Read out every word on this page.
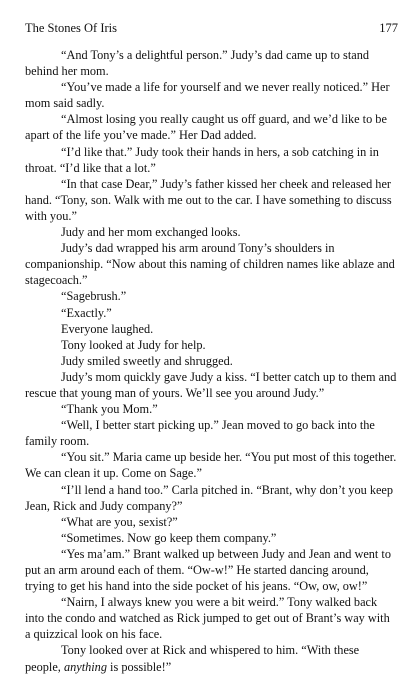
The Stones Of Iris	177

“And Tony’s a delightful person.” Judy’s dad came up to stand behind her mom.

“You’ve made a life for yourself and we never really noticed.” Her mom said sadly.

“Almost losing you really caught us off guard, and we’d like to be apart of the life you’ve made.” Her Dad added.

“I’d like that.” Judy took their hands in hers, a sob catching in in throat. “I’d like that a lot.”

“In that case Dear,” Judy’s father kissed her cheek and released her hand. “Tony, son. Walk with me out to the car. I have something to discuss with you.”

Judy and her mom exchanged looks.

Judy’s dad wrapped his arm around Tony’s shoulders in companionship. “Now about this naming of children names like ablaze and stagecoach.”

“Sagebrush.”

“Exactly.”

Everyone laughed.

Tony looked at Judy for help.

Judy smiled sweetly and shrugged.

Judy’s mom quickly gave Judy a kiss. “I better catch up to them and rescue that young man of yours. We’ll see you around Judy.”

“Thank you Mom.”

“Well, I better start picking up.” Jean moved to go back into the family room.

“You sit.” Maria came up beside her. “You put most of this together. We can clean it up. Come on Sage.”

“I’ll lend a hand too.” Carla pitched in. “Brant, why don’t you keep Jean, Rick and Judy company?”

“What are you, sexist?”

“Sometimes. Now go keep them company.”

“Yes ma’am.” Brant walked up between Judy and Jean and went to put an arm around each of them. “Ow-w!” He started dancing around, trying to get his hand into the side pocket of his jeans. “Ow, ow, ow!”

“Nairn, I always knew you were a bit weird.” Tony walked back into the condo and watched as Rick jumped to get out of Brant’s way with a quizzical look on his face.

Tony looked over at Rick and whispered to him. “With these people, anything is possible!”
